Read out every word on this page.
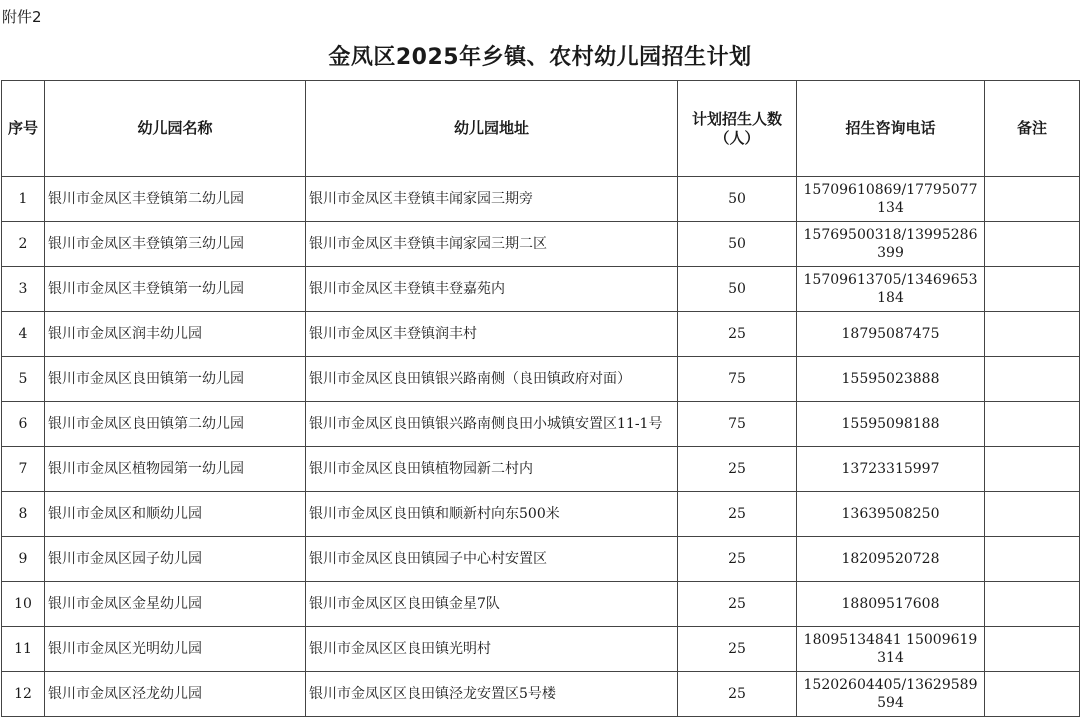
附件2
金凤区2025年乡镇、农村幼儿园招生计划
序号	幼儿园名称	幼儿园地址	计划招生人数（人）	招生咨询电话	备注
1	银川市金凤区丰登镇第二幼儿园	银川市金凤区丰登镇丰闻家园三期旁	50	15709610869/17795077134	
2	银川市金凤区丰登镇第三幼儿园	银川市金凤区丰登镇丰闻家园三期二区	50	15769500318/13995286399	
3	银川市金凤区丰登镇第一幼儿园	银川市金凤区丰登镇丰登嘉苑内	50	15709613705/13469653184	
4	银川市金凤区润丰幼儿园	银川市金凤区丰登镇润丰村	25	18795087475	
5	银川市金凤区良田镇第一幼儿园	银川市金凤区良田镇银兴路南侧（良田镇政府对面）	75	15595023888	
6	银川市金凤区良田镇第二幼儿园	银川市金凤区良田镇银兴路南侧良田小城镇安置区11-1号	75	15595098188	
7	银川市金凤区植物园第一幼儿园	银川市金凤区良田镇植物园新二村内	25	13723315997	
8	银川市金凤区和顺幼儿园	银川市金凤区良田镇和顺新村向东500米	25	13639508250	
9	银川市金凤区园子幼儿园	银川市金凤区良田镇园子中心村安置区	25	18209520728	
10	银川市金凤区金星幼儿园	银川市金凤区区良田镇金星7队	25	18809517608	
11	银川市金凤区光明幼儿园	银川市金凤区区良田镇光明村	25	18095134841 15009619314	
12	银川市金凤区泾龙幼儿园	银川市金凤区区良田镇泾龙安置区5号楼	25	15202604405/13629589594	
